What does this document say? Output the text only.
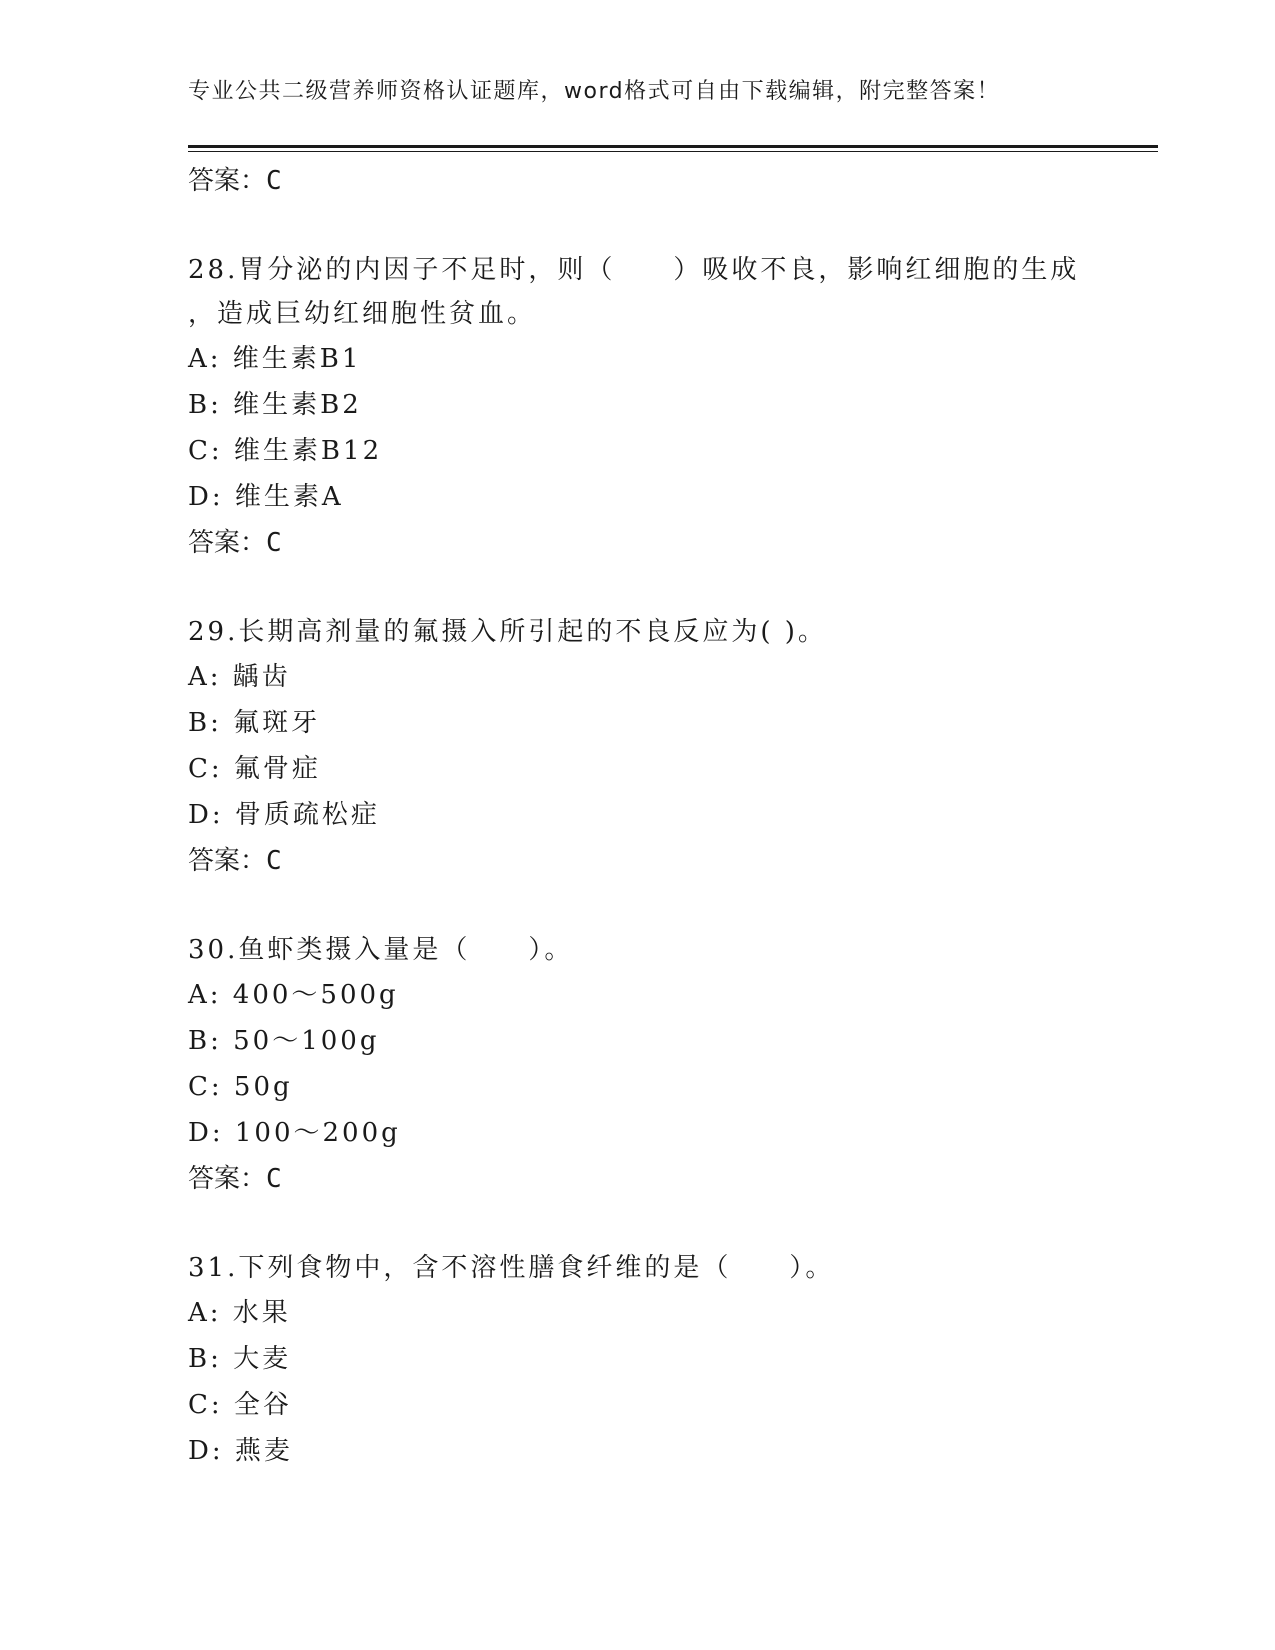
专业公共二级营养师资格认证题库，word格式可自由下载编辑，附完整答案！
答案：C
28.胃分泌的内因子不足时，则（　　）吸收不良，影响红细胞的生成
，造成巨幼红细胞性贫血。
A: 维生素B1
B: 维生素B2
C: 维生素B12
D: 维生素A
答案：C
29.长期高剂量的氟摄入所引起的不良反应为( )。
A: 龋齿
B: 氟斑牙
C: 氟骨症
D: 骨质疏松症
答案：C
30.鱼虾类摄入量是（　　）。
A: 400～500g
B: 50～100g
C: 50g
D: 100～200g
答案：C
31.下列食物中，含不溶性膳食纤维的是（　　）。
A: 水果
B: 大麦
C: 全谷
D: 燕麦
